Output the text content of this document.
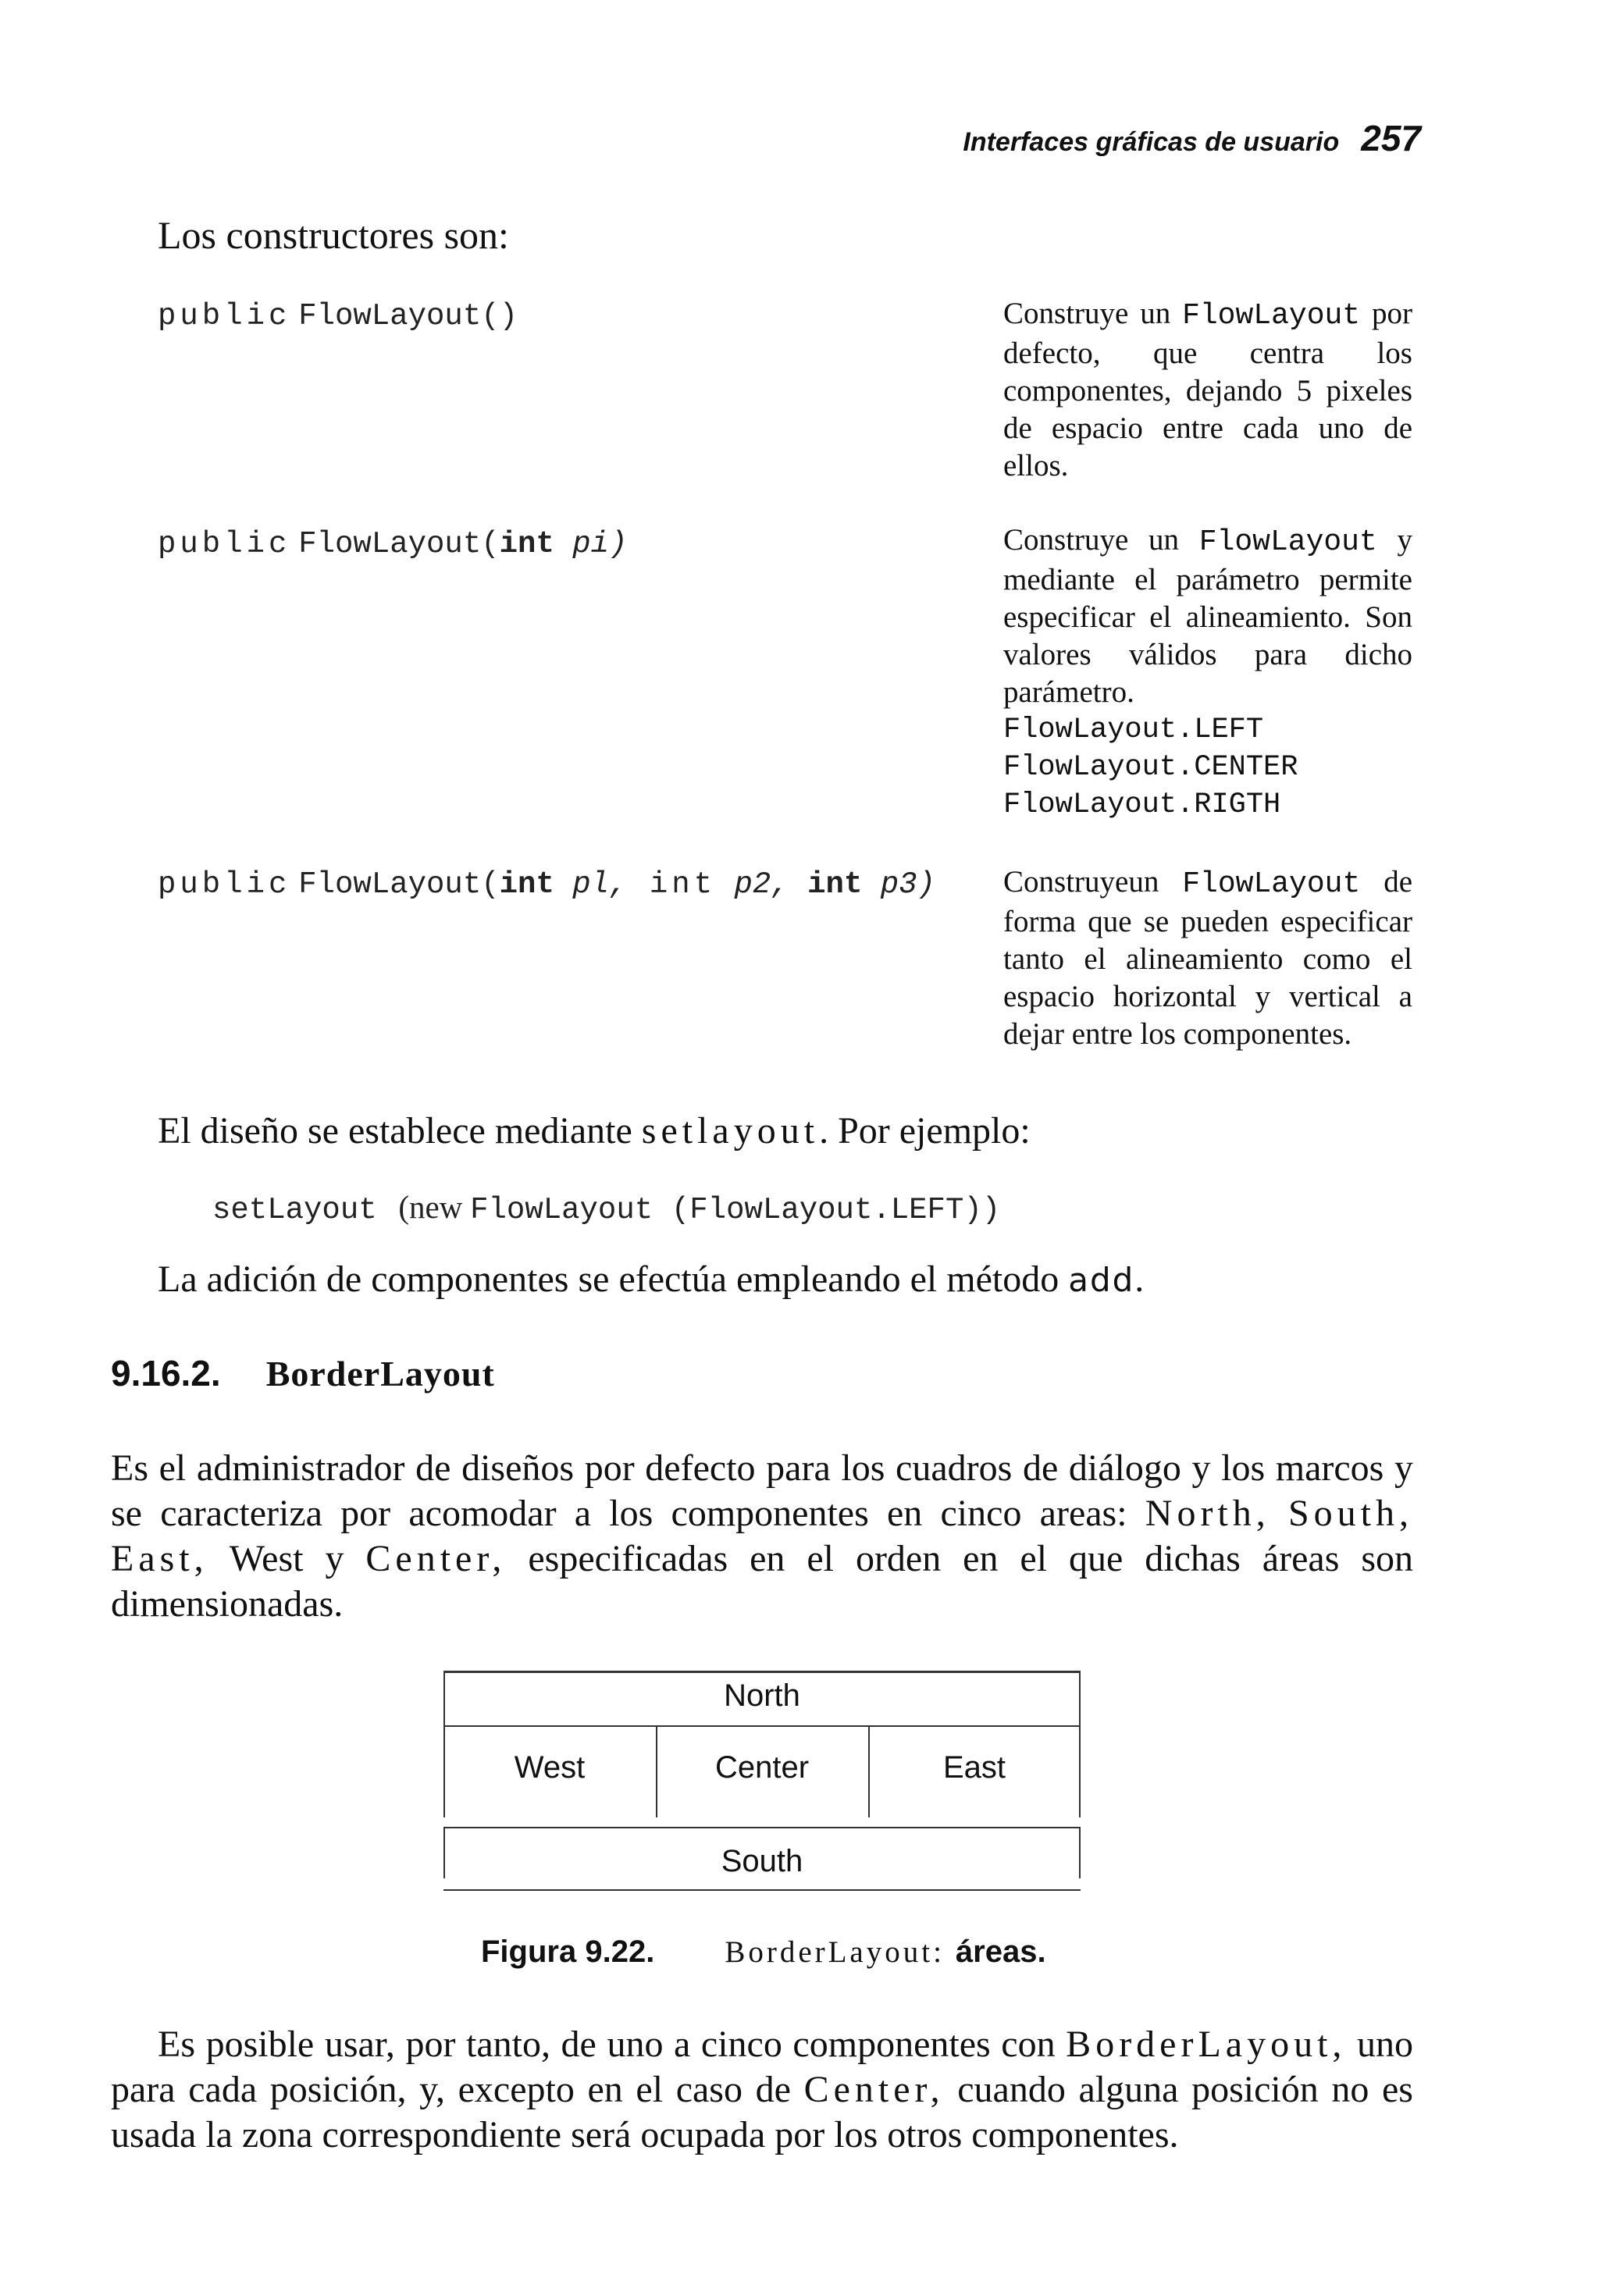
Interfaces gráficas de usuario 257
Los constructores son:
public FlowLayout()	Construye un FlowLayout por defecto, que centra los componentes, dejando 5 pixeles de espacio entre cada uno de ellos.
public FlowLayout(int pi)	Construye un FlowLayout y mediante el parámetro permite especificar el alineamiento. Son valores válidos para dicho parámetro.
FlowLayout.LEFT
FlowLayout.CENTER
FlowLayout.RIGTH
public FlowLayout(int pl, int p2, int p3) Construyeun FlowLayout de forma que se pueden especificar tanto el alineamiento como el espacio horizontal y vertical a dejar entre los componentes.
El diseño se establece mediante setlayout. Por ejemplo:
setLayout (new FlowLayout (FlowLayout.LEFT))
La adición de componentes se efectúa empleando el método add.
9.16.2. BorderLayout
Es el administrador de diseños por defecto para los cuadros de diálogo y los marcos y se caracteriza por acomodar a los componentes en cinco areas: North, South, East, West y Center, especificadas en el orden en el que dichas áreas son dimensionadas.
North
West	Center	East
South
Figura 9.22. BorderLayout: áreas.
Es posible usar, por tanto, de uno a cinco componentes con BorderLayout, uno para cada posición, y, excepto en el caso de Center, cuando alguna posición no es usada la zona correspondiente será ocupada por los otros componentes.
